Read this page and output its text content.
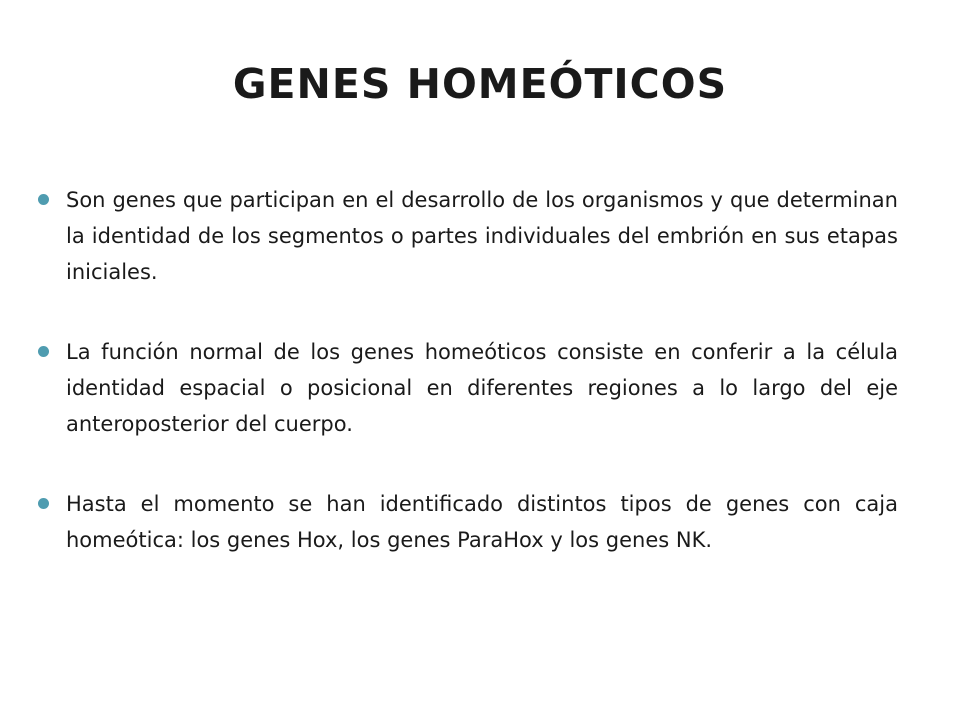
GENES HOMEÓTICOS
Son genes que participan en el desarrollo de los organismos y que determinan la identidad de los segmentos o partes individuales del embrión en sus etapas iniciales.
La función normal de los genes homeóticos consiste en conferir a la célula identidad espacial o posicional en diferentes regiones a lo largo del eje anteroposterior del cuerpo.
Hasta el momento se han identificado distintos tipos de genes con caja homeótica: los genes Hox, los genes ParaHox y los genes NK.
